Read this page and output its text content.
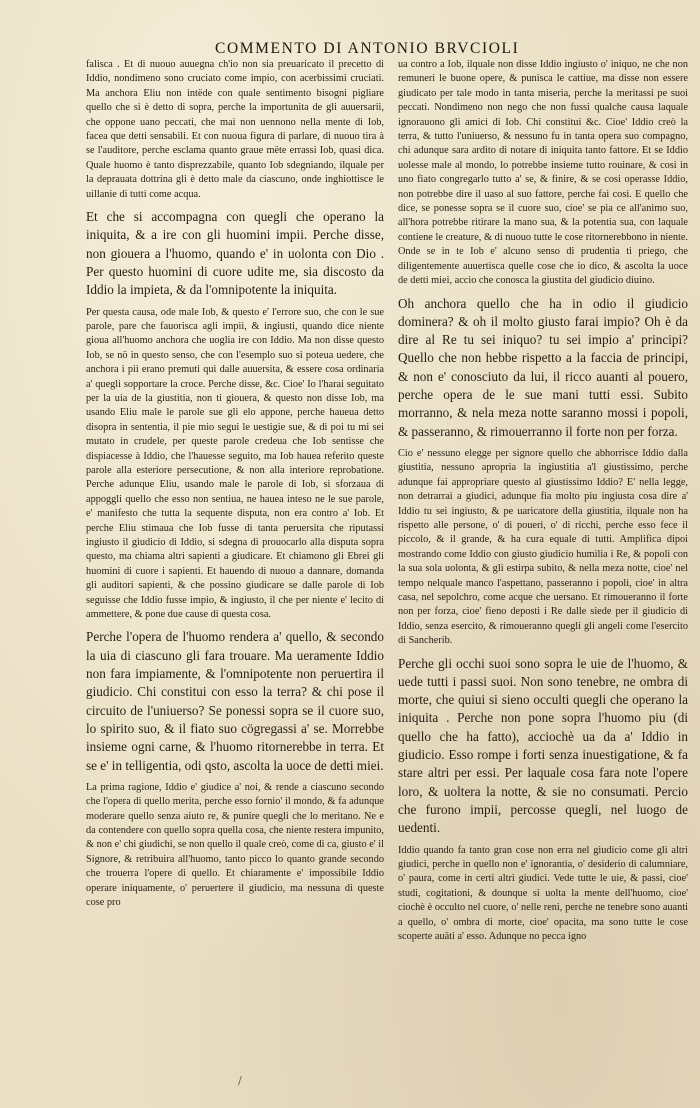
COMMENTO DI ANTONIO BRVCIOLI

falisca . Et di nuouo auuegna ch'io non sia preuaricato il precetto di Iddio, nondimeno sono cruciato come impio, con acerbissimi cruciati. Ma anchora Eliu non intëde con quale sentimento bisogni pigliare quello che si è detto di sopra, perche la importunita de gli auuersarii, che oppone uano peccati, che mai non uennono nella mente di Iob, facea que detti sensabili. Et con nuoua figura di parlare, di nuouo tira à se l'auditore, perche esclama quanto graue mëte errassi Iob, quasi dica. Quale huomo è tanto disprezzabile, quanto Iob sdegniando, ilquale per la deprauata dottrina gli è detto male da ciascuno, onde inghiottisce le uillanie di tutti come acqua.

Et che si accompagna con quegli che operano la iniquita, & a ire con gli huomini impii. Perche disse, non giouera a l'huomo, quando e' in uolonta con Dio . Per questo huomini di cuore udite me, sia discosto da Iddio la impieta, & da l'omnipotente la iniquita.

Per questa causa, ode male Iob, & questo e' l'errore suo, che con le sue parole, pare che fauorisca agli impii, & ingiusti, quando dice niente gioua all'huomo anchora che uoglia ire con Iddio. Ma non disse questo Iob, se nö in questo senso, che con l'esemplo suo si poteua uedere, che anchora i pii erano premuti qui dalle auuersita, & essere cosa ordinaria a' quegli sopportare la croce. Perche disse, &c. Cioe' Io l'harai seguitato per la uia de la giustitia, non ti giouera, & questo non disse Iob, ma usando Eliu male le parole sue gli elo appone, perche haueua detto disopra in sententia, il pie mio segui le uestigie sue, & di poi tu mi sei mutato in crudele, per queste parole credeua che Iob sentisse che dispiacesse à Iddio, che l'hauesse seguito, ma Iob hauea referito queste parole alla esteriore persecutione, & non alla interiore reprobatione. Perche adunque Eliu, usando male le parole di Iob, si sforzaua di appoggli quello che esso non sentiua, ne hauea inteso ne le sue parole, e' manifesto che tutta la sequente disputa, non era contro a' Iob. Et perche Eliu stimaua che Iob fusse di tanta peruersita che riputassi ingiusto il giudicio di Iddio, si sdegna di prouocarlo alla disputa sopra questo, ma chiama altri sapienti a giudicare. Et chiamono gli Ebrei gli huomini di cuore i sapienti. Et hauendo di nuouo a dannare, domanda gli auditori sapienti, & che possino giudicare se dalle parole di Iob seguisse che Iddio fusse impio, & ingiusto, il che per niente e' lecito di ammettere, & pone due cause di questa cosa.

Perche l'opera de l'huomo rendera a' quello, & secondo la uia di ciascuno gli fara trouare. Ma ueramente Iddio non fara impiamente, & l'omnipotente non peruertira il giudicio. Chi constitui con esso la terra? & chi pose il circuito de l'uniuerso? Se ponessi sopra se il cuore suo, lo spirito suo, & il fiato suo cögregassi a' se. Morrebbe insieme ogni carne, & l'huomo ritornerebbe in terra. Et se e' in telligentia, odi qsto, ascolta la uoce de detti miei.

La prima ragione, Iddio e' giudice a' noi, & rende a ciascuno secondo che l'opera di quello merita, perche esso fornio' il mondo, & fa adunque moderare quello senza aiuto re, & punire quegli che lo meritano. Ne e da contendere con quello sopra quella cosa, che niente restera impunito, & non e' chi giudichi, se non quello il quale creò, come di ca, giusto e' il Signore, & retribuira all'huomo, tanto picco lo quanto grande secondo che trouerra l'opere di quello. Et chiaramente e' impossibile Iddio operare iniquamente, o' peruertere il giudicio, ma nessuna di queste cose pro

ua contro a Iob, ilquale non disse Iddio ingiusto o' iniquo, ne che non remuneri le buone opere, & punisca le cattiue, ma disse non essere giudicato per tale modo in tanta miseria, perche la meritassi pe suoi peccati. Nondimeno non nego che non fussi qualche causa laquale ignorauono gli amici di Iob. Chi constitui &c. Cioe' Iddio creò la terra, & tutto l'uniuerso, & nessuno fu in tanta opera suo compagno, chi adunque sara ardito di notare di iniquita tanto fattore. Et se Iddio uolesse male al mondo, lo potrebbe insieme tutto rouinare, & cosi in uno fiato congregarlo tutto a' se, & finire, & se cosi operasse Iddio, non potrebbe dire il uaso al suo fattore, perche fai cosi. E quello che dice, se ponesse sopra se il cuore suo, cioe' se pia ce all'animo suo, all'hora potrebbe ritirare la mano sua, & la potentia sua, con laquale contiene le creature, & di nuouo tutte le cose ritornerebbono in niente. Onde se in te Iob e' alcuno senso di prudentia ti priego, che diligentemente auuertisca quelle cose che io dico, & ascolta la uoce de detti miei, accio che conosca la giustita del giudicio diuino.

Oh anchora quello che ha in odio il giudicio dominera? & oh il molto giusto farai impio? Oh è da dire al Re tu sei iniquo? tu sei impio a' principi? Quello che non hebbe rispetto a la faccia de principi, & non e' conosciuto da lui, il ricco auanti al pouero, perche opera de le sue mani tutti essi. Subito morranno, & nela meza notte saranno mossi i popoli, & passeranno, & rimouerranno il forte non per forza.

Cio e' nessuno elegge per signore quello che abhorrisce Iddio dalla giustitia, nessuno apropria la ingiustitia a'l giustissimo, perche adunque fai appropriare questo al giustissimo Iddio? E' nella legge, non detrarrai a giudici, adunque fia molto piu ingiusta cosa dire a' Iddio tu sei ingiusto, & pe uaricatore della giustitia, ilquale non ha rispetto alle persone, o' di poueri, o' di ricchi, perche esso fece il piccolo, & il grande, & ha cura equale di tutti. Amplifica dipoi mostrando come Iddio con giusto giudicio humilia i Re, & popoli con la sua sola uolonta, & gli estirpa subito, & nella meza notte, cioe' nel tempo nelquale manco l'aspettano, passeranno i popoli, cioe' in altra casa, nel sepolchro, come acque che uersano. Et rimoueranno il forte non per forza, cioe' fieno deposti i Re dalle siede per il giudicio di Iddio, senza esercito, & rimoueranno quegli gli angeli come l'esercito di Sancherib.

Perche gli occhi suoi sono sopra le uie de l'huomo, & uede tutti i passi suoi. Non sono tenebre, ne ombra di morte, che quiui si sieno occulti quegli che operano la iniquita . Perche non pone sopra l'huomo piu (di quello che ha fatto), acciochè ua da a' Iddio in giudicio. Esso rompe i forti senza inuestigatione, & fa stare altri per essi. Per laquale cosa fara note l'opere loro, & uoltera la notte, & sie no consumati. Percio che furono impii, percosse quegli, nel luogo de uedenti.

Iddio quando fa tanto gran cose non erra nel giudicio come gli altri giudici, perche in quello non e' ignorantia, o' desiderio di calumniare, o' paura, come in certi altri giudici. Vede tutte le uie, & passi, cioe' studi, cogitationi, & dounque si uolta la mente dell'huomo, cioe' ciochè è occulto nel cuore, o' nelle reni, perche ne tenebre sono auanti a quello, o' ombra di morte, cioe' opacita, ma sono tutte le cose scoperte auäti a' esso. Adunque no pecca igno

/
